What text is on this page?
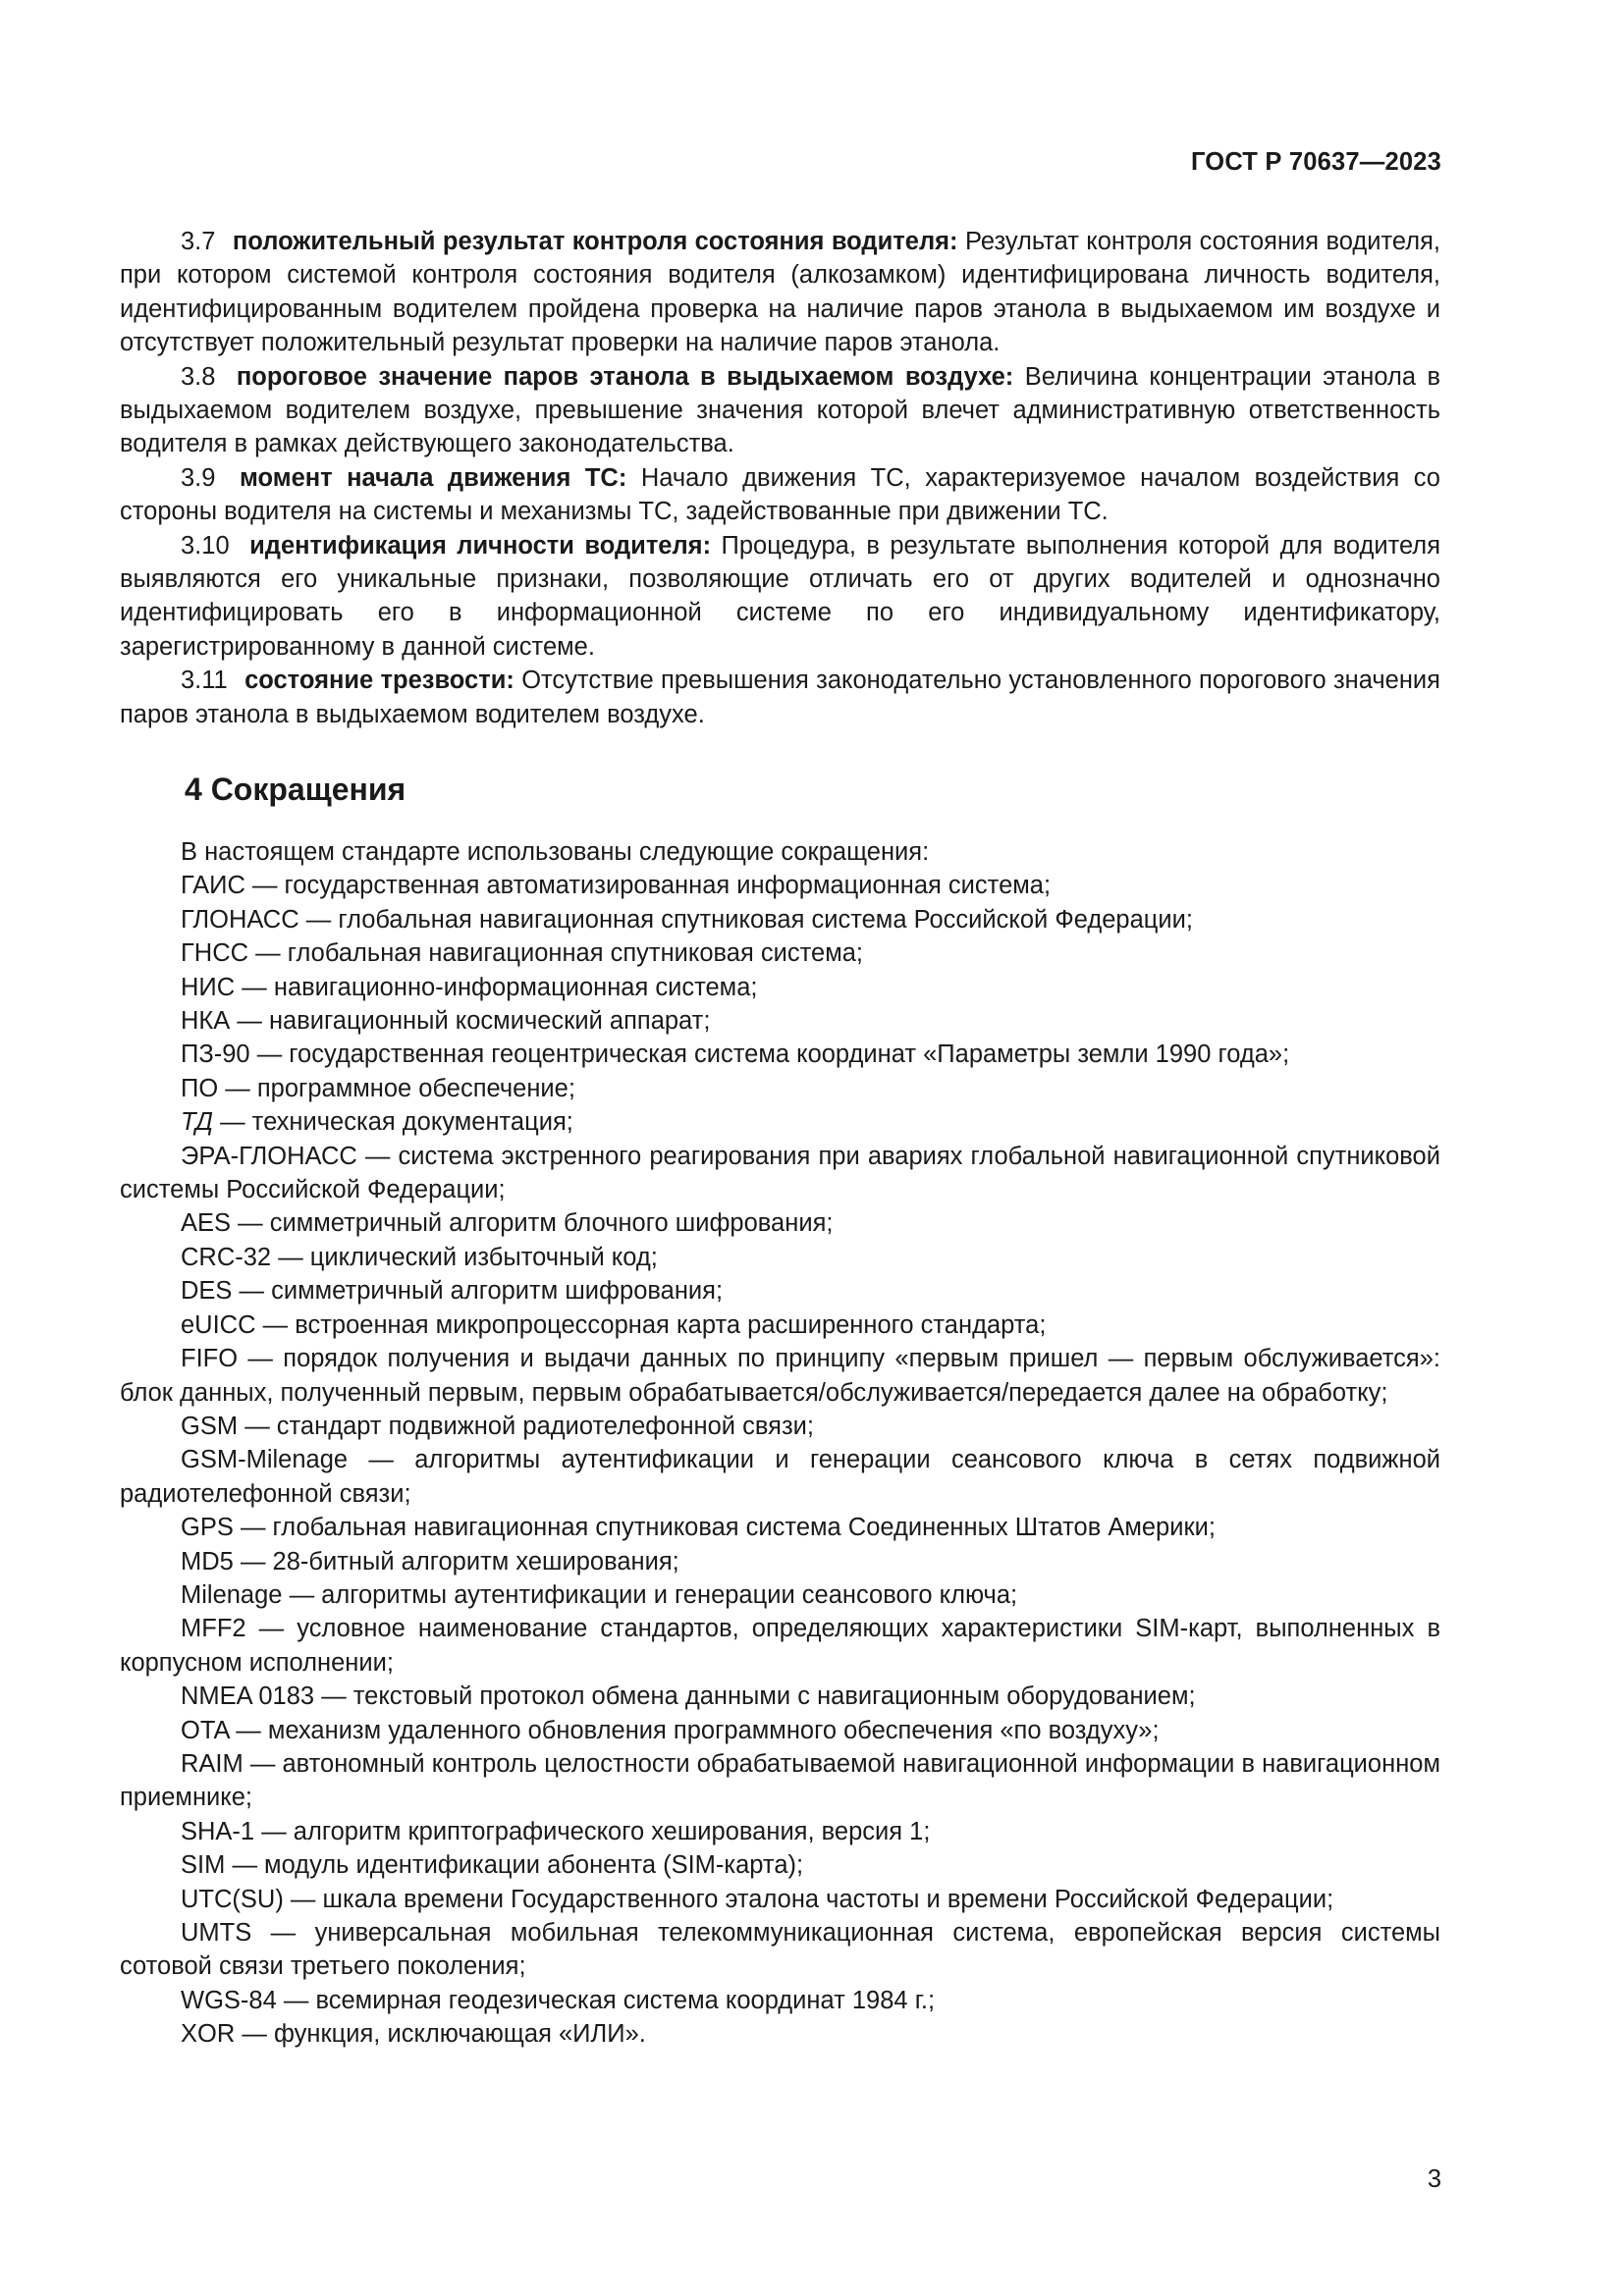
ГОСТ Р 70637—2023

3.7 положительный результат контроля состояния водителя: Результат контроля состояния водителя, при котором системой контроля состояния водителя (алкозамком) идентифицирована личность водителя, идентифицированным водителем пройдена проверка на наличие паров этанола в выдыхаемом им воздухе и отсутствует положительный результат проверки на наличие паров этанола.

3.8 пороговое значение паров этанола в выдыхаемом воздухе: Величина концентрации этанола в выдыхаемом водителем воздухе, превышение значения которой влечет административную ответственность водителя в рамках действующего законодательства.

3.9 момент начала движения ТС: Начало движения ТС, характеризуемое началом воздействия со стороны водителя на системы и механизмы ТС, задействованные при движении ТС.

3.10 идентификация личности водителя: Процедура, в результате выполнения которой для водителя выявляются его уникальные признаки, позволяющие отличать его от других водителей и однозначно идентифицировать его в информационной системе по его индивидуальному идентификатору, зарегистрированному в данной системе.

3.11 состояние трезвости: Отсутствие превышения законодательно установленного порогового значения паров этанола в выдыхаемом водителем воздухе.

4 Сокращения

В настоящем стандарте использованы следующие сокращения:

ГАИС — государственная автоматизированная информационная система;

ГЛОНАСС — глобальная навигационная спутниковая система Российской Федерации;

ГНСС — глобальная навигационная спутниковая система;

НИС — навигационно-информационная система;

НКА — навигационный космический аппарат;

ПЗ-90 — государственная геоцентрическая система координат «Параметры земли 1990 года»;

ПО — программное обеспечение;

ТД — техническая документация;

ЭРА-ГЛОНАСС — система экстренного реагирования при авариях глобальной навигационной спутниковой системы Российской Федерации;

AES — симметричный алгоритм блочного шифрования;

CRC-32 — циклический избыточный код;

DES — симметричный алгоритм шифрования;

eUICC — встроенная микропроцессорная карта расширенного стандарта;

FIFO — порядок получения и выдачи данных по принципу «первым пришел — первым обслуживается»: блок данных, полученный первым, первым обрабатывается/обслуживается/передается далее на обработку;

GSM — стандарт подвижной радиотелефонной связи;

GSM-Milenage — алгоритмы аутентификации и генерации сеансового ключа в сетях подвижной радиотелефонной связи;

GPS — глобальная навигационная спутниковая система Соединенных Штатов Америки;

MD5 — 28-битный алгоритм хеширования;

Milenage — алгоритмы аутентификации и генерации сеансового ключа;

MFF2 — условное наименование стандартов, определяющих характеристики SIM-карт, выполненных в корпусном исполнении;

NMEA 0183 — текстовый протокол обмена данными с навигационным оборудованием;

OTA — механизм удаленного обновления программного обеспечения «по воздуху»;

RAIM — автономный контроль целостности обрабатываемой навигационной информации в навигационном приемнике;

SHA-1 — алгоритм криптографического хеширования, версия 1;

SIM — модуль идентификации абонента (SIM-карта);

UTC(SU) — шкала времени Государственного эталона частоты и времени Российской Федерации;

UMTS — универсальная мобильная телекоммуникационная система, европейская версия системы сотовой связи третьего поколения;

WGS-84 — всемирная геодезическая система координат 1984 г.;

XOR — функция, исключающая «ИЛИ».

3
